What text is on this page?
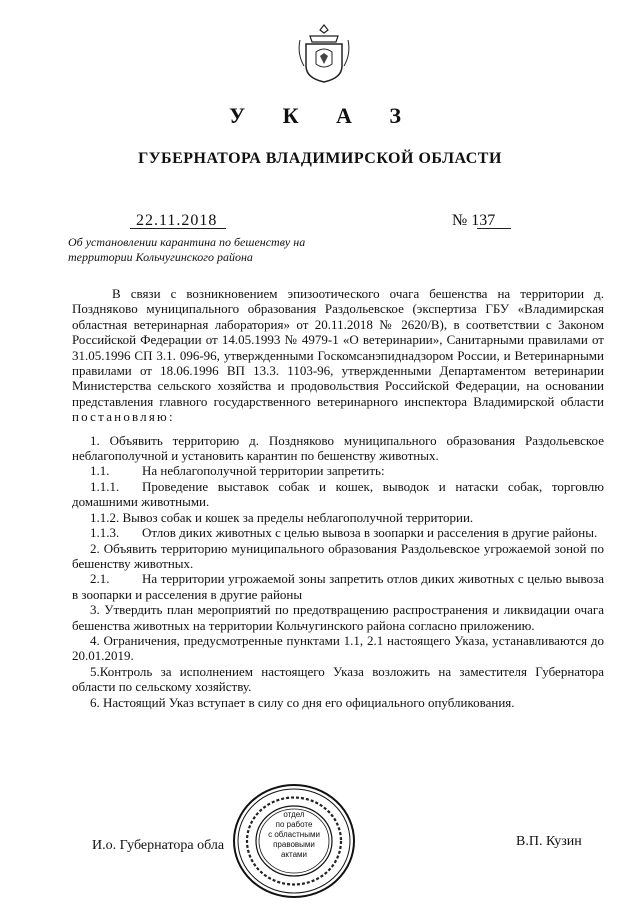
У К А З
ГУБЕРНАТОРА ВЛАДИМИРСКОЙ ОБЛАСТИ
22.11.2018	№ 137
Об установлении карантина по бешенству на территории Кольчугинского района

В связи с возникновением эпизоотического очага бешенства на территории д. Позднякoво муниципального образования Раздольевское (экспертиза ГБУ «Владимирская областная ветеринарная лаборатория» от 20.11.2018 № 2620/В), в соответствии с Законом Российской Федерации от 14.05.1993 № 4979-1 «О ветеринарии», Санитарными правилами от 31.05.1996 СП 3.1. 096-96, утвержденными Госкомсанэпиднадзором России, и Ветеринарными правилами от 18.06.1996 ВП 13.3. 1103-96, утвержденными Департаментом ветеринарии Министерства сельского хозяйства и продовольствия Российской Федерации, на основании представления главного государственного ветеринарного инспектора Владимирской области постановляю:

1. Объявить территорию д. Поздняково муниципального образования Раздольевское неблагополучной и установить карантин по бешенству животных.

1.1.	На неблагополучной территории запретить:

1.1.1. Проведение выставок собак и кошек, выводок и натаски собак, торговлю домашними животными.

1.1.2. Вывоз собак и кошек за пределы неблагополучной территории.

1.1.3. Отлов диких животных с целью вывоза в зоопарки и расселения в другие районы.

2. Объявить территорию муниципального образования Раздольевское угрожаемой зоной по бешенству животных.

2.1.	На территории угрожаемой зоны запретить отлов диких животных с целью вывоза в зоопарки и расселения в другие районы

3. Утвердить план мероприятий по предотвращению распространения и ликвидации очага бешенства животных на территории Кольчугинского района согласно приложению.

4. Ограничения, предусмотренные пунктами 1.1, 2.1 настоящего Указа, устанавливаются до 20.01.2019.

5.Контроль за исполнением настоящего Указа возложить на заместителя Губернатора области по сельскому хозяйству.

6. Настоящий Указ вступает в силу со дня его официального опубликования.

И.о. Губернатора обла	В.П. Кузин
отдел
по работе
с областными
правовыми
актами
